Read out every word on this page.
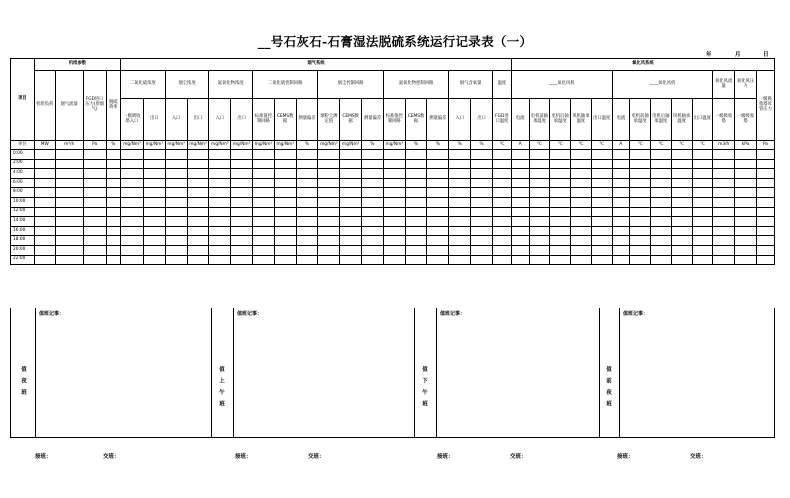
__号石灰石-石膏湿法脱硫系统运行记录表（一）
年	月	日
项目	机组参数				烟气系统																		氧化风系统												
	机组负荷	烟气流量	FGD进口压力(原烟气)	脱硫效率	二氧化硫浓度		烟尘浓度		氮氧化物浓度		二氧化硫控制回路			烟尘控制回路			氮氧化物控制回路			烟气含氧量		温度	____氧化风机					____氧化风机					氧化风流量	氧化风压力	一级吸收塔母管压力
					一级吸收塔入口	出口	入口	出口	入口	出口	标准值控制回路	CEMS数据	测量偏差	烟粉尘测定值	CEMS数据	测量偏差	标准值控制回路	CEMS数据	测量偏差	入口	出口	FGD进口温度	电流	电机前轴承温度	电机后轴承温度	风机轴承温度	出口温度	电流	电机前轴承温度	电机后轴承温度	风机轴承温度	出口温度	一级吸收塔	一级吸收塔	
单位	MW	m³/h	Pa	%	mg/Nm³	mg/Nm³	mg/Nm³	mg/Nm³	mg/Nm³	mg/Nm³	mg/Nm³	mg/Nm³	%	mg/Nm³	mg/Nm³	%	mg/Nm³	%	%	%	%	℃	A	℃	℃	℃	℃	A	℃	℃	℃	℃	m3/h	kPa	Pa
0:00																																			
2:00																																			
4:00																																			
6:00																																			
8:00																																			
10:00																																			
12:00																																			
14:00																																			
16:00																																			
18:00																																			
20:00																																			
22:00																																			
值班记事：	值班记事：	值班记事：	值班记事：
值夜班	值上午班	值下午班	值前夜班
接班：	交班：	接班：	交班：	接班：	交班：	接班：	交班：
